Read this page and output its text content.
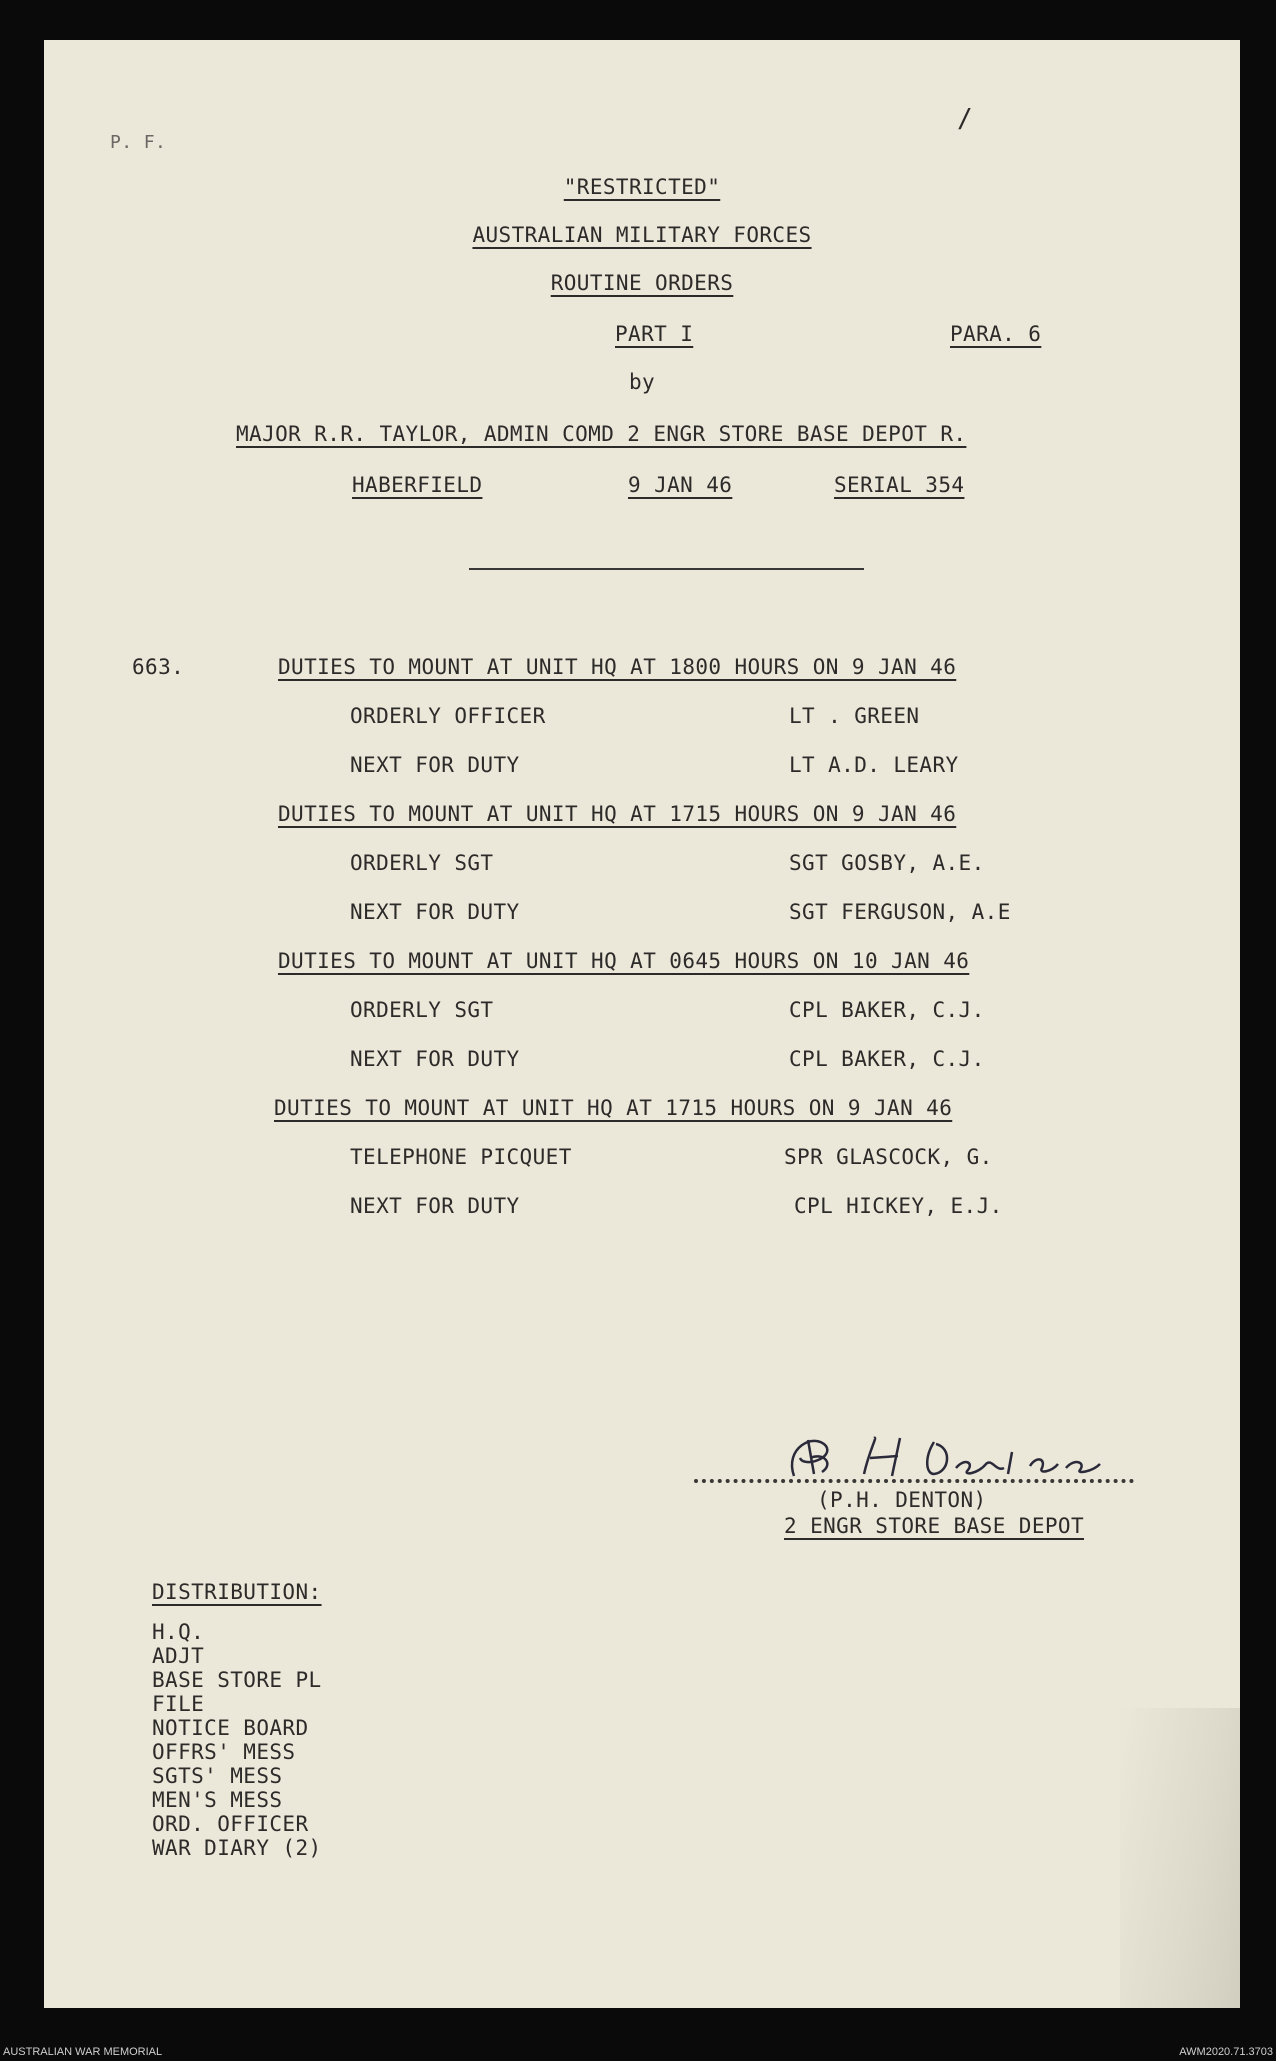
P. F.
/
"RESTRICTED"
AUSTRALIAN MILITARY FORCES
ROUTINE ORDERS
PART I	PARA. 6
by
MAJOR R.R. TAYLOR, ADMIN COMD 2 ENGR STORE BASE DEPOT R.
HABERFIELD	9 JAN 46	SERIAL 354
663.	DUTIES TO MOUNT AT UNIT HQ AT 1800 HOURS ON 9 JAN 46
ORDERLY OFFICER	LT . GREEN
NEXT FOR DUTY	LT A.D. LEARY
DUTIES TO MOUNT AT UNIT HQ AT 1715 HOURS ON 9 JAN 46
ORDERLY SGT	SGT GOSBY, A.E.
NEXT FOR DUTY	SGT FERGUSON, A.E
DUTIES TO MOUNT AT UNIT HQ AT 0645 HOURS ON 10 JAN 46
ORDERLY SGT	CPL BAKER, C.J.
NEXT FOR DUTY	CPL BAKER, C.J.
DUTIES TO MOUNT AT UNIT HQ AT 1715 HOURS ON 9 JAN 46
TELEPHONE PICQUET	SPR GLASCOCK, G.
NEXT FOR DUTY	CPL HICKEY, E.J.
(P.H. DENTON)
2 ENGR STORE BASE DEPOT
DISTRIBUTION:
H.Q.
ADJT
BASE STORE PL
FILE
NOTICE BOARD
OFFRS' MESS
SGTS' MESS
MEN'S MESS
ORD. OFFICER
WAR DIARY (2)
AUSTRALIAN WAR MEMORIAL	AWM2020.71.3703
